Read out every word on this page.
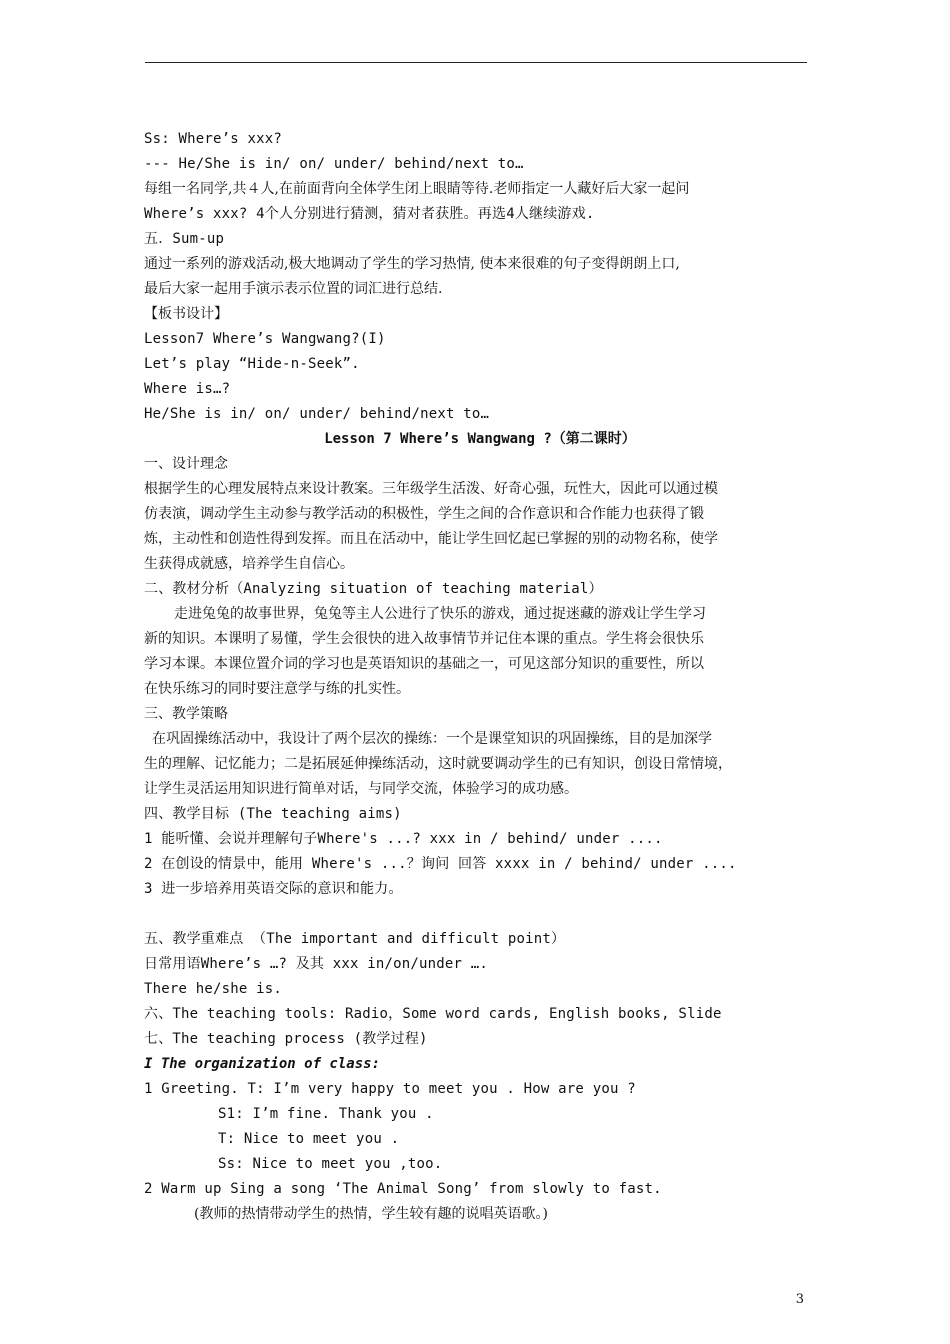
Ss: Where’s xxx?
--- He/She is in/ on/ under/ behind/next to…
每组一名同学,共４人,在前面背向全体学生闭上眼睛等待.老师指定一人藏好后大家一起问
Where’s xxx? 4个人分别进行猜测，猜对者获胜。再选4人继续游戏.
五．Sum-up
通过一系列的游戏活动,极大地调动了学生的学习热情, 使本来很难的句子变得朗朗上口,
最后大家一起用手演示表示位置的词汇进行总结.
【板书设计】
Lesson7 Where’s Wangwang?(I)
Let’s play “Hide-n-Seek”.
Where is…?
He/She is in/ on/ under/ behind/next to…
Lesson 7 Where’s Wangwang ?（第二课时）
一、设计理念
根据学生的心理发展特点来设计教案。三年级学生活泼、好奇心强，玩性大，因此可以通过模
仿表演，调动学生主动参与教学活动的积极性，学生之间的合作意识和合作能力也获得了锻
炼，主动性和创造性得到发挥。而且在活动中，能让学生回忆起已掌握的别的动物名称，使学
生获得成就感，培养学生自信心。
二、教材分析（Analyzing situation of teaching material）
走进兔兔的故事世界，兔兔等主人公进行了快乐的游戏，通过捉迷藏的游戏让学生学习
新的知识。本课明了易懂，学生会很快的进入故事情节并记住本课的重点。学生将会很快乐
学习本课。本课位置介词的学习也是英语知识的基础之一，可见这部分知识的重要性，所以
在快乐练习的同时要注意学与练的扎实性。
三、教学策略
在巩固操练活动中，我设计了两个层次的操练：一个是课堂知识的巩固操练，目的是加深学
生的理解、记忆能力；二是拓展延伸操练活动，这时就要调动学生的已有知识，创设日常情境，
让学生灵活运用知识进行简单对话，与同学交流，体验学习的成功感。
四、教学目标 (The teaching aims)
1 能听懂、会说并理解句子Where's ...? xxx in / behind/ under ....
2 在创设的情景中，能用 Where's ...？询问 回答 xxxx in / behind/ under ....
3 进一步培养用英语交际的意识和能力。
五、教学重难点 （The important and difficult point）
日常用语Where’s …? 及其 xxx in/on/under ….
There he/she is.
六、The teaching tools: Radio，Some word cards, English books, Slide
七、The teaching process (教学过程)
I The organization of class:
1 Greeting. T: I’m very happy to meet you . How are you ?
S1: I’m fine. Thank you .
T: Nice to meet you .
Ss: Nice to meet you ,too.
2 Warm up Sing a song ‘The Animal Song’ from slowly to fast.
(教师的热情带动学生的热情，学生较有趣的说唱英语歌。)
3
